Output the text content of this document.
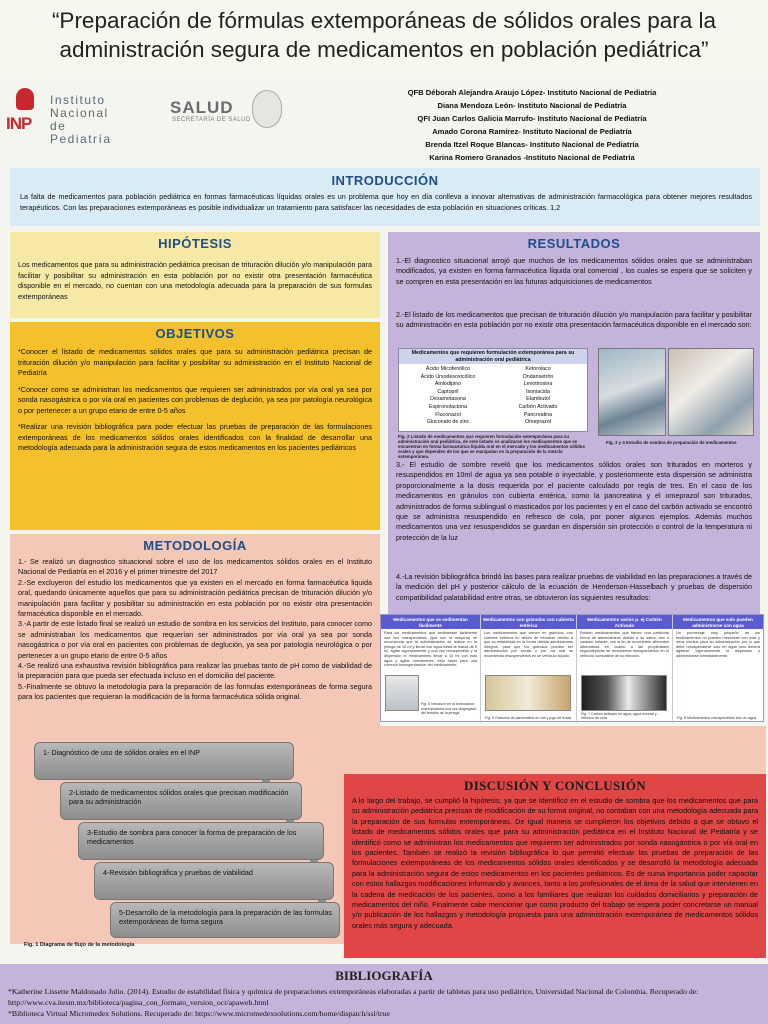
“Preparación de fórmulas extemporáneas de sólidos orales para la administración segura de medicamentos en población pediátrica”
INP
Instituto
Nacional
de Pediatría
SALUD
SECRETARÍA DE SALUD
QFB Déborah Alejandra Araujo López- Instituto Nacional de Pediatría
Diana Mendoza León- Instituto Nacional de Pediatría
QFI Juan Carlos Galicia Marrufo- Instituto Nacional de Pediatría
Amado Corona Ramírez- Instituto Nacional de Pediatría
Brenda Itzel Roque Blancas- Instituto Nacional de Pediatría
Karina Romero Granados -Instituto Nacional de Pediatría
INTRODUCCIÓN

La falta de medicamentos para población pediátrica en formas farmacéuticas líquidas orales es un problema que hoy en día conlleva a innovar alternativas de administración farmacológica para obtener mejores resultados terapéuticos. Con las preparaciones extemporáneas es posible individualizar un tratamiento para satisfacer las necesidades de esta población en situaciones críticas. 1,2

HIPÓTESIS

Los medicamentos que para su administración pediátrica precisan de trituración dilución y/o manipulación para facilitar y posibilitar su administración en esta población por no existir otra presentación farmacéutica disponible en el mercado, no cuentan con una metodología adecuada para la preparación de sus formulas extemporáneas

OBJETIVOS

*Conocer el listado de medicamentos sólidos orales que para su administración pediátrica precisan de trituración dilución y/o manipulación para facilitar y posibilitar su administración en el Instituto Nacional de Pediatría

*Conocer como se administran los medicamentos que requieren ser administrados por vía oral ya sea por sonda nasogástrica o por vía oral en pacientes con problemas de deglución, ya sea por patología neurológica o por pertenecer a un grupo etario de entre 0-5 años

*Realizar una revisión bibliográfica para poder efectuar las pruebas de preparación de las formulaciones extemporáneas de los medicamentos sólidos orales identificados con la finalidad de desarrollar una metodología adecuada para la administración segura de estos medicamentos en los pacientes pediátricos

METODOLOGÍA
1.- Se realizó un diagnostico situacional sobre el uso de los medicamentos sólidos orales en el Instituto Nacional de Pediatría en el 2016 y el primer trimestre del 2017
2.-Se excluyeron del estudio los medicamentos que ya existen en el mercado en forma farmacéutica liquida oral, quedando únicamente aquellos que para su administración pediátrica precisan de trituración dilución y/o manipulación para facilitar y posibilitar su administración en esta población por no existir otra presentación farmacéutica disponible en el mercado.
3.-A partir de este listado final se realizó un estudio de sombra en los servicios del Instituto, para conocer como se administraban los medicamentos que requerían ser administrados por vía oral ya sea por sonda nasogástrica o por vía oral en pacientes con problemas de deglución, ya sea por patología neurológica o por pertenecer a un grupo etario de entre 0-5 años
4.-Se realizó una exhaustiva revisión bibliográfica para realizar las pruebas tanto de pH como de viabilidad de la preparación para que pueda ser efectuada incluso en el domicilio del paciente.
5.-Finalmente se obtuvo la metodología para la preparación de las formulas extemporáneas de forma segura para los pacientes que requieran la modificación de la forma farmacéutica sólida original.
1- Diagnóstico de uso de sólidos orales en el INP
2-Listado de medicamentos sólidos orales que precisan modificación para su administración
3-Estudio de sombra para conocer la forma de preparación de los medicamentos
4-Revisión bibliográfica y pruebas de viabilidad
5-Desarrollo de la metodología para la preparación de las formulas extemporáneas de forma segura
Fig. 1 Diagrama de flujo de la metodología
RESULTADOS

1.-El diagnostico situacional arrojó que muchos de los medicamentos sólidos orales que se administraban modificados, ya existen en forma farmacéutica líquida oral comercial , los cuales se espera que se soliciten y se compren en esta presentación en las futuras adquisiciones de medicamentos

2.-El listado de los medicamentos que precisan de trituración dilución y/o manipulación para facilitar y posibilitar su administración en esta población por no existir otra presentación farmacéutica disponible en el mercado son:

3.- El estudio de sombre reveló que los medicamentos sólidos orales son triturados en morteros y resuspendidos en 10ml de agua ya sea potable o inyectable, y posteriormente esta dispersión se administra proporcionalmente a la dosis requerida por el paciente calculado por regla de tres. En el caso de los medicamentos en gránulos con cubierta entérica, como la pancreatina y el omeprazol son triturados, administrados de forma sublingual o masticados por los pacientes y en el caso del carbón activado se encontró que se administra resuspendido en refresco de cola, por poner algunos ejemplos. Además muchos medicamentos una vez resuspendidos se guardan en dispersión sin protección o control de la temperatura ni protección de la luz

4.-La revisión bibliográfica brindó las bases para realizar pruebas de viabilidad en las preparaciones a través de la medición del pH y posterior cálculo de la ecuación de Henderson-Hasselbach y pruebas de dispersión compatibilidad palatabilidad entre otras, se obtuvieron los siguientes resultados:

Medicamentos que requieren formulación extemporánea para su administración oral pediátrica
Ácido Micofenólico
Ácido Ursodesoxicólico
Amlodipino
Captopril
Dexametasona
Espironolactona
Fluconazol
Gluconato de zinc
Ketorolaco
Ondansetrón
Levotiroxina
Isoniacida
Etambutol
Carbón Activado
Pancreatina
Omeprazol
Fig. 2 Listado de medicamentos que requieren formulación extemporánea para su administración oral pediátrica, de este listado se analizaron los medicamentos que se encuentran en forma farmacéutica líquida oral en el mercado y los medicamentos sólidos orales y que dependen de los que se manipulan en la preparación de la mezcla extemporánea.
Fig. 3 y 4 Estudio de sombra de preparación de medicamentos
Medicamentos que se sedimentan fácilmente
Para los medicamentos que sedimentan fácilmente una vez resuspendidos (que son la mayoría) se recomienda que la administración se realice en la jeringa de 10 ml y llenar con agua hasta la marca de 5 ml, agitar vigorosamente y una vez resuspendido y la dispersión el medicamento llevar a 10 ml con más agua y agitar nuevamente, esto hacer para una correcta homogenización del medicamento.
Fig. 5 Introducir en la formulación extemporánea una vez disgregado del tamaño de la jeringa
Medicamentos con gránulos con cubierta entérica
Los medicamentos que vienen en gránulos, con cubierta entérica no deben de triturarse debido a que su estabilidad en la forma debida administrarse íntegros, para que los gránulos puedan ser administrados por sonda o por vía oral se recomienda resuspenderlos en un vehículo líquido.
Fig. 6 Gránulos de pancreatina en vial y jugo de frutas
Medicamentos varios p. ej Carbón Activado
Existen medicamentos que tienen una particular forma de administrarse debido a su sabor, olor o carácter irritante, con el fin de encontrarle diferentes alternativas en cuanto a las propiedades organolépticas se recomienda resuspenderlos en el vehículo compatible de su elección.
Fig. 7 Carbón activado en agua, agua mineral y refresco de cola
Medicamentos que solo pueden administrarse con agua
Un porcentaje muy pequeño de los medicamentos no pueden mezclarse con más y otros medios para su administración por lo que debe resuspenderse solo en agua pero deberá agitarse vigorosamente la dispersión y administrarse inmediatamente.
Fig. 8 Medicamentos resuspendidos solo en agua
DISCUSIÓN Y CONCLUSIÓN

A lo largo del trabajo, se cumplió la hipótesis, ya que se identificó en el estudio de sombra que los medicamentos que para su administración pediátrica precisan de modificación de su forma original, no contaban con una metodología adecuada para la preparación de sus formulas extemporáneas. De igual manera se cumplieron los objetivos debido a que se obtuvo el listado de medicamentos sólidos orales que para su administración pediátrica en el Instituto Nacional de Pediatría y se identificó como se administran los medicamentos que requieren ser administrados por sonda nasogástrica o por vía oral en los pacientes. También se realizó la revisión bibliográfica lo que permitió efectuar las pruebas de preparación de las formulaciones extemporáneas de los medicamentos sólidos orales identificados y se desarrolló la metodología adecuada para la administración segura de estos medicamentos en los pacientes pediátricos. Es de suma importancia poder capacitar con estos hallazgos modificaciones informando y avances, tanto a los profesionales de el área de la salud que intervienen en la cadena de medicación de los pacientes, como a los familiares que realizan los cuidados domiciliarios y preparación de medicamentos del niño. Finalmente cabe mencionar que como producto del trabajo se espera poder concretarse un manual y/o publicación de los hallazgos y metodología propuesta para una administración extemporánea de medicamentos sólidos orales más segura y adecuada.

BIBLIOGRAFÍA

*Katherine Lissette Maldonado Julio. (2014). Estudio de estabilidad física y química de preparaciones extemporáneas elaboradas a partir de tabletas para uso pediátrico, Universidad Nacional de Colombia. Recuperado de: http://www.cva.itesm.mx/biblioteca/pagina_con_formato_version_oct/apaweb.html

*Biblioteca Virtual Micromedex Solutions. Recuperado de: https://www.micromedexsolutions.com/home/dispatch/ssl/true
